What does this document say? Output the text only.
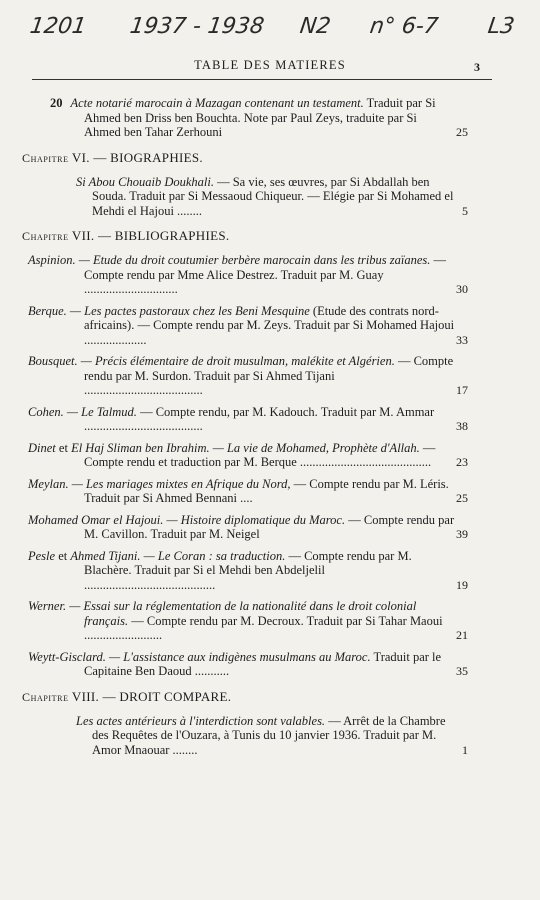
1201 1937 - 1938 N2 n° 6-7 L3
TABLE DES MATIERES	3
20 Acte notarié marocain à Mazagan contenant un testament. Traduit par Si Ahmed ben Driss ben Bouchta. Note par Paul Zeys, traduite par Si Ahmed ben Tahar Zerhouni	25
Chapitre VI. — BIOGRAPHIES.
Si Abou Chouaib Doukhali. — Sa vie, ses œuvres, par Si Abdallah ben Souda. Traduit par Si Messaoud Chiqueur. — Elégie par Si Mohamed el Mehdi el Hajoui ........	5
Chapitre VII. — BIBLIOGRAPHIES.
Aspinion. — Etude du droit coutumier berbère marocain dans les tribus zaïanes. — Compte rendu par Mme Alice Destrez. Traduit par M. Guay ..............................	30
Berque. — Les pactes pastoraux chez les Beni Mesquine (Etude des contrats nord-africains). — Compte rendu par M. Zeys. Traduit par Si Mohamed Hajoui ....................	33
Bousquet. — Précis élémentaire de droit musulman, malékite et Algérien. — Compte rendu par M. Surdon. Traduit par Si Ahmed Tijani ......................................	17
Cohen. — Le Talmud. — Compte rendu, par M. Kadouch. Traduit par M. Ammar ......................................	38
Dinet et El Haj Sliman ben Ibrahim. — La vie de Mohamed, Prophète d'Allah. — Compte rendu et traduction par M. Berque .......................................... 23
Meylan. — Les mariages mixtes en Afrique du Nord, — Compte rendu par M. Léris. Traduit par Si Ahmed Bennani ....	25
Mohamed Omar el Hajoui. — Histoire diplomatique du Maroc. — Compte rendu par M. Cavillon. Traduit par M. Neigel	39
Pesle et Ahmed Tijani. — Le Coran : sa traduction. — Compte rendu par M. Blachère. Traduit par Si el Mehdi ben Abdeljelil ..........................................	19
Werner. — Essai sur la réglementation de la nationalité dans le droit colonial français. — Compte rendu par M. Decroux. Traduit par Si Tahar Maoui .........................	21
Weytt-Gisclard. — L'assistance aux indigènes musulmans au Maroc. Traduit par le Capitaine Ben Daoud ...........	35
Chapitre VIII. — DROIT COMPARE.
Les actes antérieurs à l'interdiction sont valables. — Arrêt de la Chambre des Requêtes de l'Ouzara, à Tunis du 10 janvier 1936. Traduit par M. Amor Mnaouar ........	1
